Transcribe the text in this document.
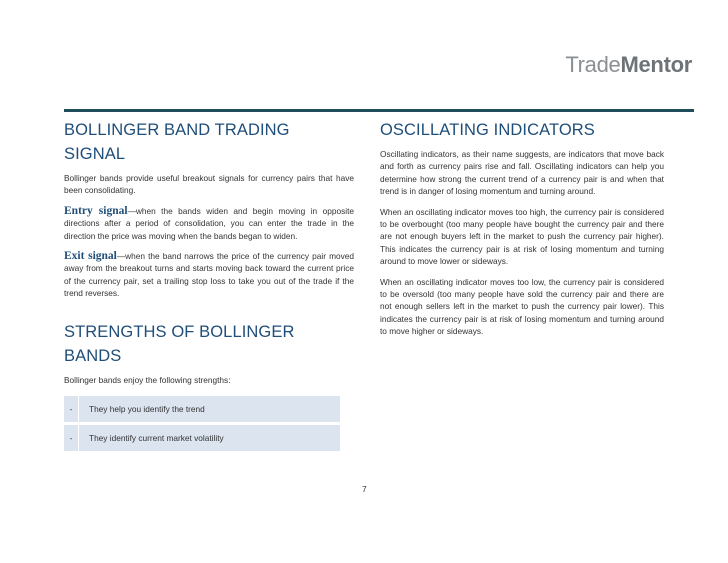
TradeMentor
BOLLINGER BAND TRADING SIGNAL

Bollinger bands provide useful breakout signals for currency pairs that have been consolidating.

Entry signal—when the bands widen and begin moving in opposite directions after a period of consolidation, you can enter the trade in the direction the price was moving when the bands began to widen.

Exit signal—when the band narrows the price of the currency pair moved away from the breakout turns and starts moving back toward the current price of the currency pair, set a trailing stop loss to take you out of the trade if the trend reverses.

STRENGTHS OF BOLLINGER BANDS

Bollinger bands enjoy the following strengths:

-	They help you identify the trend
-	They identify current market volatility
OSCILLATING INDICATORS

Oscillating indicators, as their name suggests, are indicators that move back and forth as currency pairs rise and fall. Oscillating indicators can help you determine how strong the current trend of a currency pair is and when that trend is in danger of losing momentum and turning around.

When an oscillating indicator moves too high, the currency pair is considered to be overbought (too many people have bought the currency pair and there are not enough buyers left in the market to push the currency pair higher). This indicates the currency pair is at risk of losing momentum and turning around to move lower or sideways.

When an oscillating indicator moves too low, the currency pair is considered to be oversold (too many people have sold the currency pair and there are not enough sellers left in the market to push the currency pair lower). This indicates the currency pair is at risk of losing momentum and turning around to move higher or sideways.

7
